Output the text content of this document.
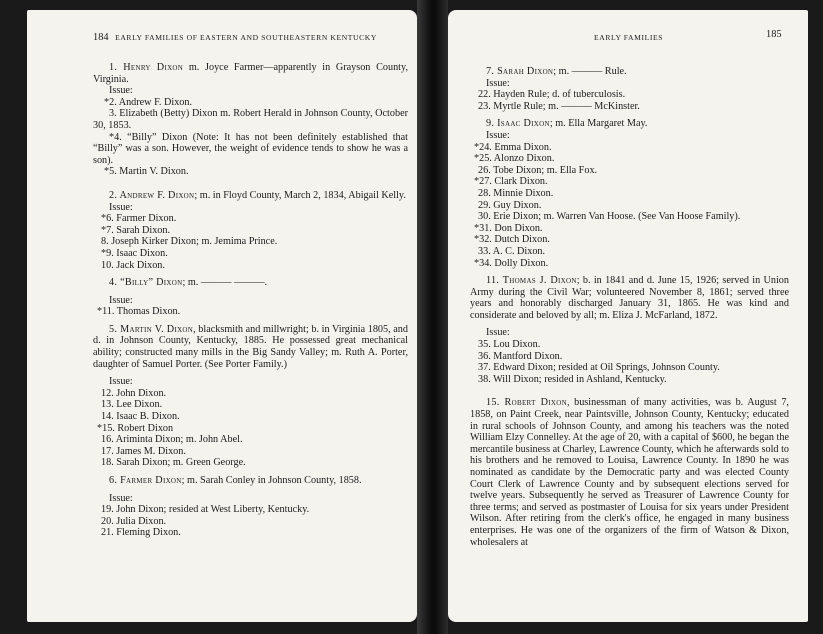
184 EARLY FAMILIES OF EASTERN AND SOUTHEASTERN KENTUCKY

1. Henry Dixon m. Joyce Farmer—apparently in Grayson County, Virginia.

Issue:

*2. Andrew F. Dixon.

3. Elizabeth (Betty) Dixon m. Robert Herald in Johnson County, October 30, 1853.

*4. “Billy” Dixon (Note: It has not been definitely established that “Billy” was a son. However, the weight of evidence tends to show he was a son).

*5. Martin V. Dixon.

2. Andrew F. Dixon; m. in Floyd County, March 2, 1834, Abigail Kelly.

Issue:

*6. Farmer Dixon.

*7. Sarah Dixon.

8. Joseph Kirker Dixon; m. Jemima Prince.

*9. Isaac Dixon.

10. Jack Dixon.

4. “Billy” Dixon; m. ——— ———.

Issue:

*11. Thomas Dixon.

5. Martin V. Dixon, blacksmith and millwright; b. in Virginia 1805, and d. in Johnson County, Kentucky, 1885. He possessed great mechanical ability; constructed many mills in the Big Sandy Valley; m. Ruth A. Porter, daughter of Samuel Porter. (See Porter Family.)

Issue:

12. John Dixon.

13. Lee Dixon.

14. Isaac B. Dixon.

*15. Robert Dixon

16. Ariminta Dixon; m. John Abel.

17. James M. Dixon.

18. Sarah Dixon; m. Green George.

6. Farmer Dixon; m. Sarah Conley in Johnson County, 1858.

Issue:

19. John Dixon; resided at West Liberty, Kentucky.

20. Julia Dixon.

21. Fleming Dixon.

EARLY FAMILIES	185

7. Sarah Dixon; m. ——— Rule.

Issue:

22. Hayden Rule; d. of tuberculosis.

23. Myrtle Rule; m. ——— McKinster.

9. Isaac Dixon; m. Ella Margaret May.

Issue:

*24. Emma Dixon.

*25. Alonzo Dixon.

26. Tobe Dixon; m. Ella Fox.

*27. Clark Dixon.

28. Minnie Dixon.

29. Guy Dixon.

30. Erie Dixon; m. Warren Van Hoose. (See Van Hoose Family).

*31. Don Dixon.

*32. Dutch Dixon.

33. A. C. Dixon.

*34. Dolly Dixon.

11. Thomas J. Dixon; b. in 1841 and d. June 15, 1926; served in Union Army during the Civil War; volunteered November 8, 1861; served three years and honorably discharged January 31, 1865. He was kind and considerate and beloved by all; m. Eliza J. McFarland, 1872.

Issue:

35. Lou Dixon.

36. Mantford Dixon.

37. Edward Dixon; resided at Oil Springs, Johnson County.

38. Will Dixon; resided in Ashland, Kentucky.

15. Robert Dixon, businessman of many activities, was b. August 7, 1858, on Paint Creek, near Paintsville, Johnson County, Kentucky; educated in rural schools of Johnson County, and among his teachers was the noted William Elzy Connelley. At the age of 20, with a capital of $600, he began the mercantile business at Charley, Lawrence County, which he afterwards sold to his brothers and he removed to Louisa, Lawrence County. In 1890 he was nominated as candidate by the Democratic party and was elected County Court Clerk of Lawrence County and by subsequent elections served for twelve years. Subsequently he served as Treasurer of Lawrence County for three terms; and served as postmaster of Louisa for six years under President Wilson. After retiring from the clerk's office, he engaged in many business enterprises. He was one of the organizers of the firm of Watson & Dixon, wholesalers at
